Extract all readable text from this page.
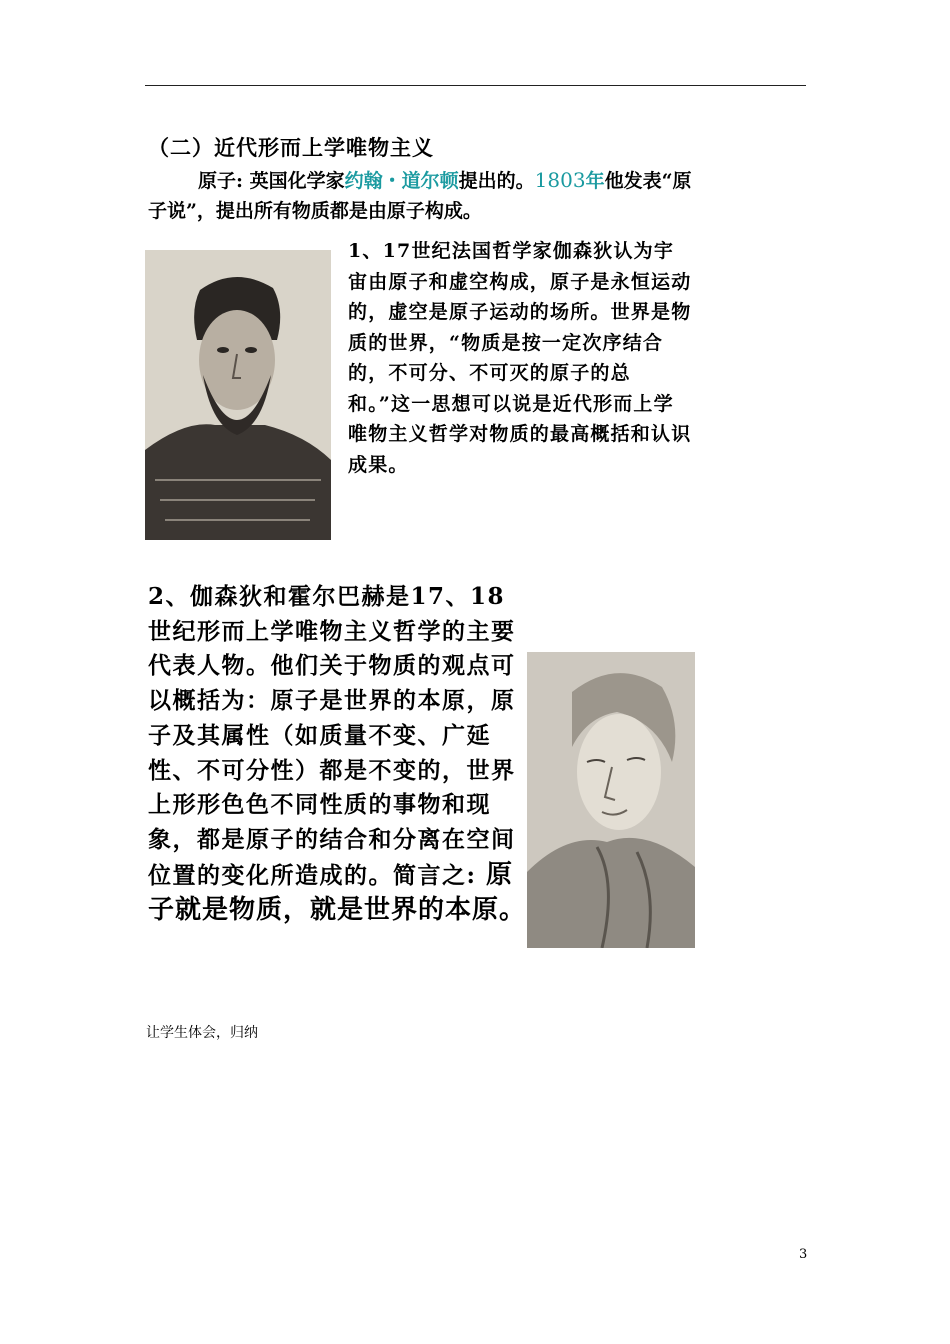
（二）近代形而上学唯物主义
原子: 英国化学家约翰・道尔顿提出的。1803年他发表“原子说”，提出所有物质都是由原子构成。
1、17世纪法国哲学家伽森狄认为宇宙由原子和虚空构成，原子是永恒运动的，虚空是原子运动的场所。世界是物质的世界，“物质是按一定次序结合的，不可分、不可灭的原子的总和。”这一思想可以说是近代形而上学唯物主义哲学对物质的最高概括和认识成果。
2、伽森狄和霍尔巴赫是17、18世纪形而上学唯物主义哲学的主要代表人物。他们关于物质的观点可以概括为：原子是世界的本原，原子及其属性（如质量不变、广延性、不可分性）都是不变的，世界上形形色色不同性质的事物和现象，都是原子的结合和分离在空间位置的变化所造成的。简言之: 原子就是物质，就是世界的本原。
让学生体会，归纳
3
